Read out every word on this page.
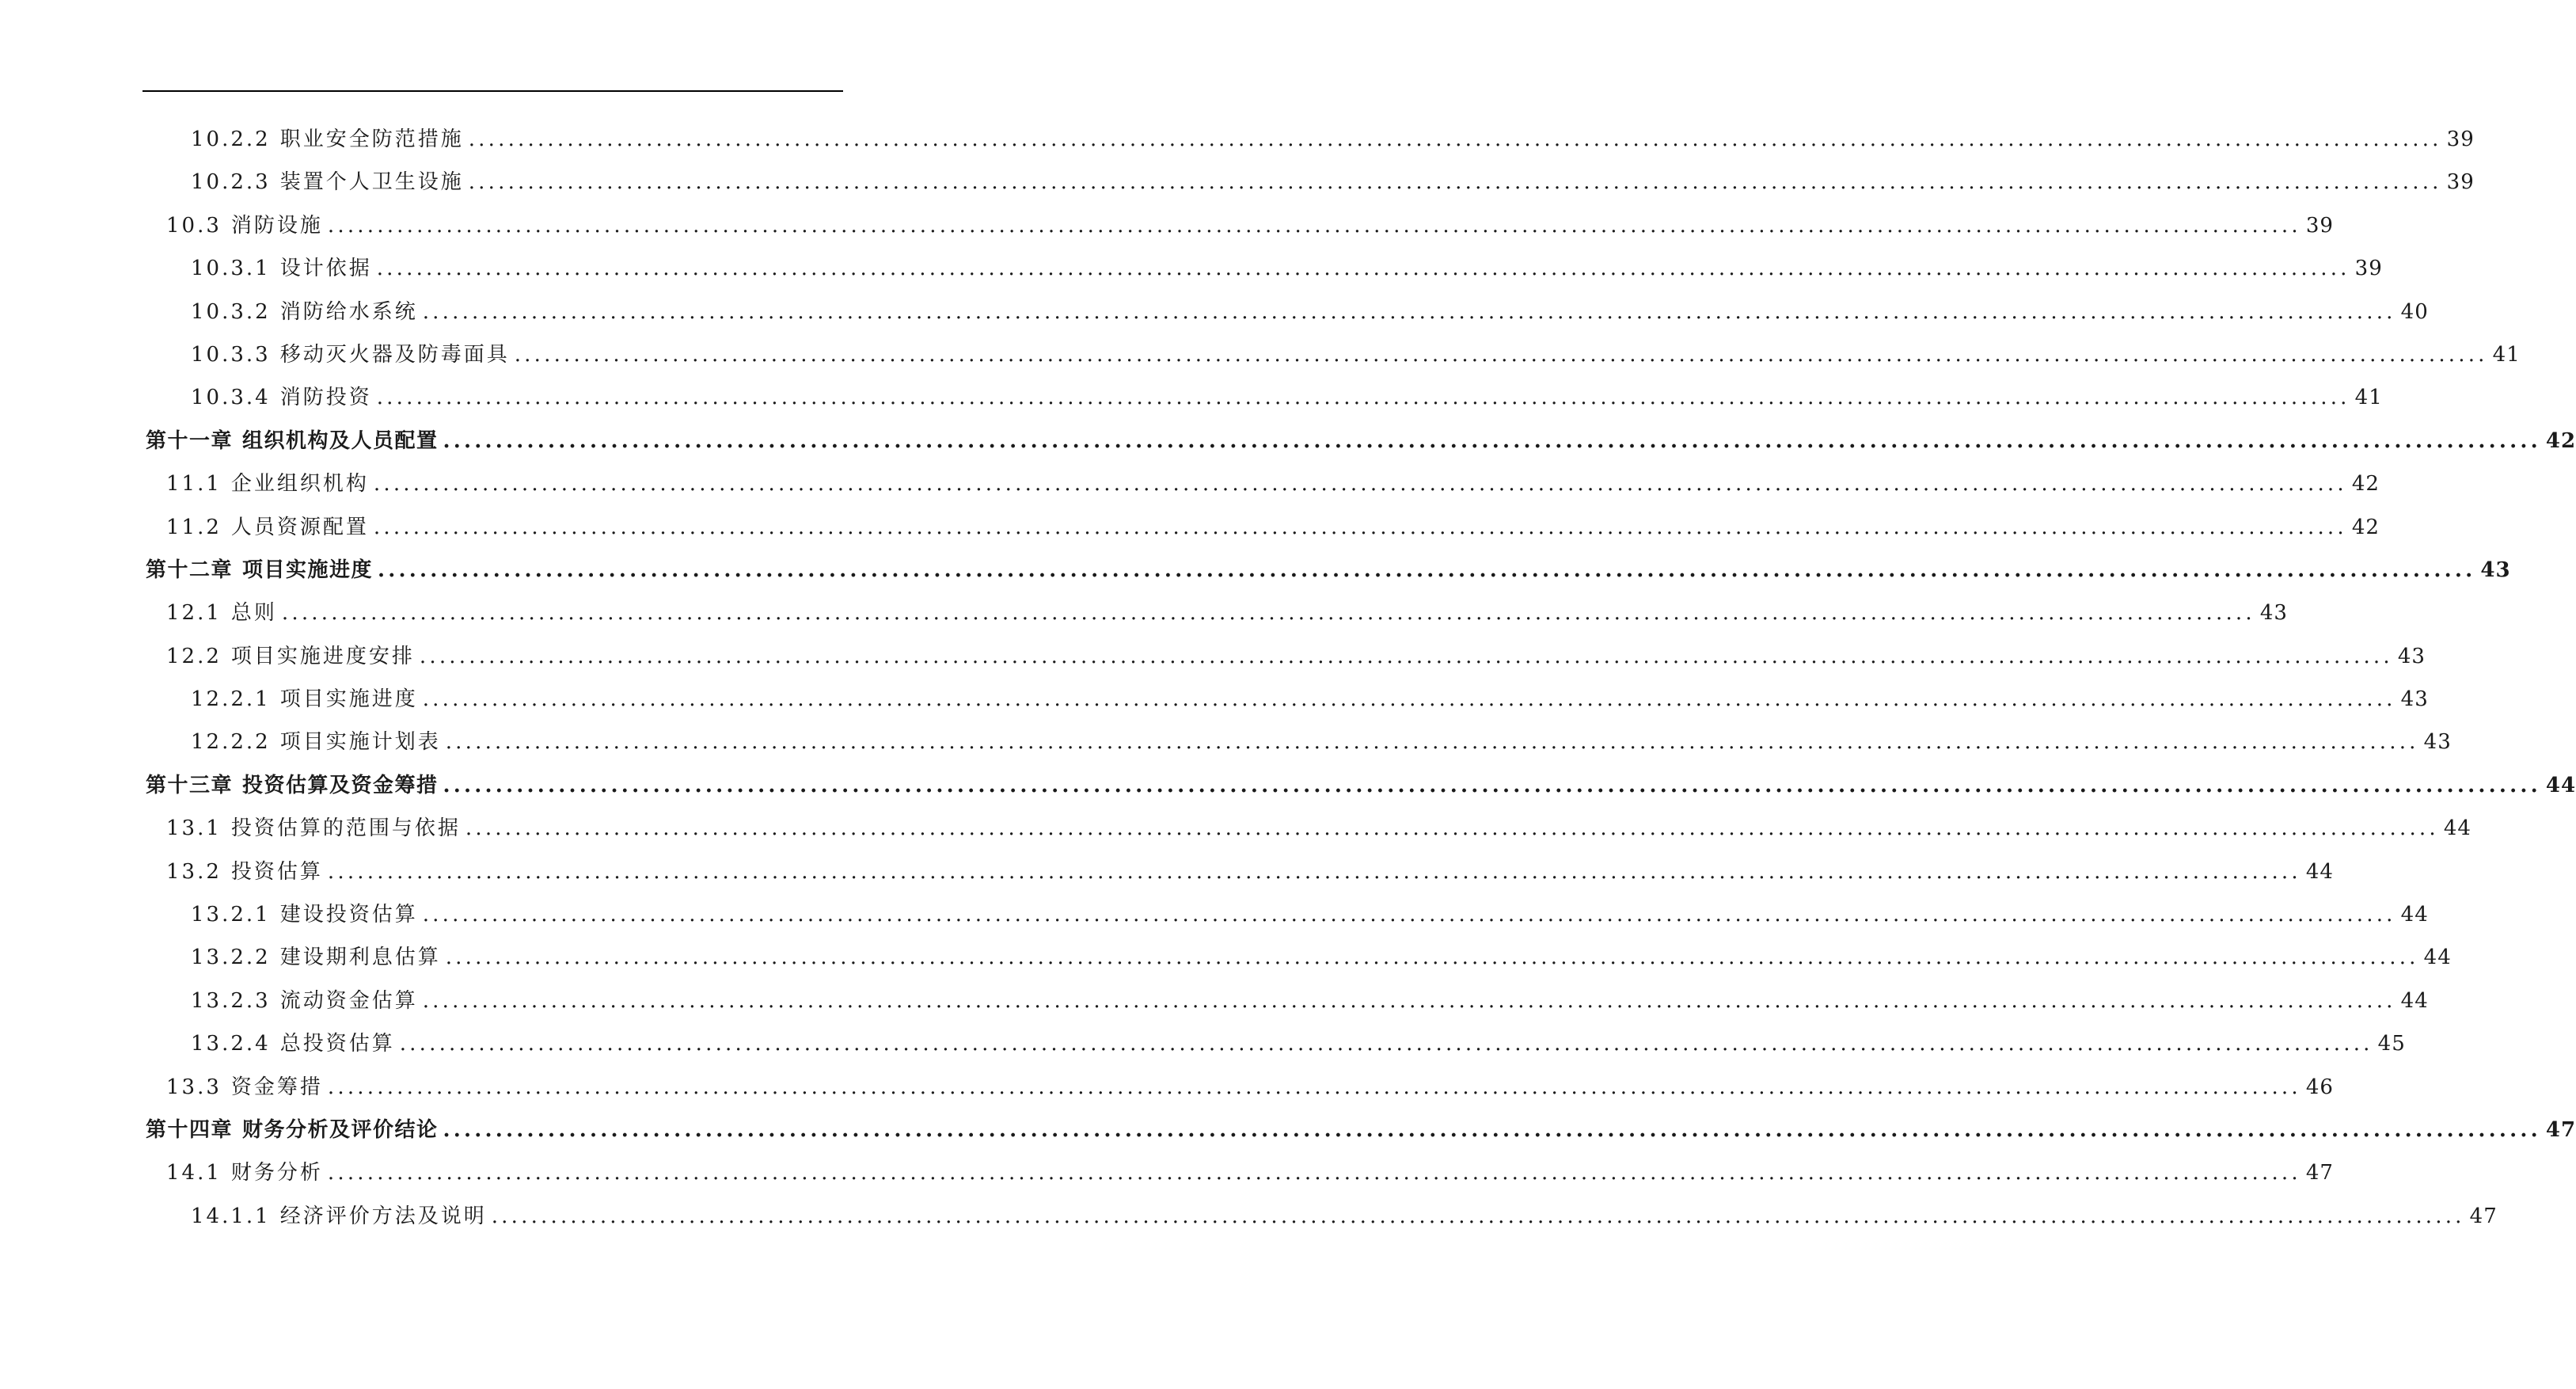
10.2.2 职业安全防范措施 ........................................................................................................................................................................................................ 39
10.2.3 装置个人卫生设施 ........................................................................................................................................................................................................ 39
10.3 消防设施 ........................................................................................................................................................................................................ 39
10.3.1 设计依据 ........................................................................................................................................................................................................ 39
10.3.2 消防给水系统 ........................................................................................................................................................................................................ 40
10.3.3 移动灭火器及防毒面具 ........................................................................................................................................................................................................ 41
10.3.4 消防投资 ........................................................................................................................................................................................................ 41
第十一章 组织机构及人员配置 ........................................................................................................................................................................................................ 42
11.1 企业组织机构 ........................................................................................................................................................................................................ 42
11.2 人员资源配置 ........................................................................................................................................................................................................ 42
第十二章 项目实施进度 ........................................................................................................................................................................................................ 43
12.1 总则 ........................................................................................................................................................................................................ 43
12.2 项目实施进度安排 ........................................................................................................................................................................................................ 43
12.2.1 项目实施进度 ........................................................................................................................................................................................................ 43
12.2.2 项目实施计划表 ........................................................................................................................................................................................................ 43
第十三章 投资估算及资金筹措 ........................................................................................................................................................................................................ 44
13.1 投资估算的范围与依据 ........................................................................................................................................................................................................ 44
13.2 投资估算 ........................................................................................................................................................................................................ 44
13.2.1 建设投资估算 ........................................................................................................................................................................................................ 44
13.2.2 建设期利息估算 ........................................................................................................................................................................................................ 44
13.2.3 流动资金估算 ........................................................................................................................................................................................................ 44
13.2.4 总投资估算 ........................................................................................................................................................................................................ 45
13.3 资金筹措 ........................................................................................................................................................................................................ 46
第十四章 财务分析及评价结论 ........................................................................................................................................................................................................ 47
14.1 财务分析 ........................................................................................................................................................................................................ 47
14.1.1 经济评价方法及说明 ........................................................................................................................................................................................................ 47
